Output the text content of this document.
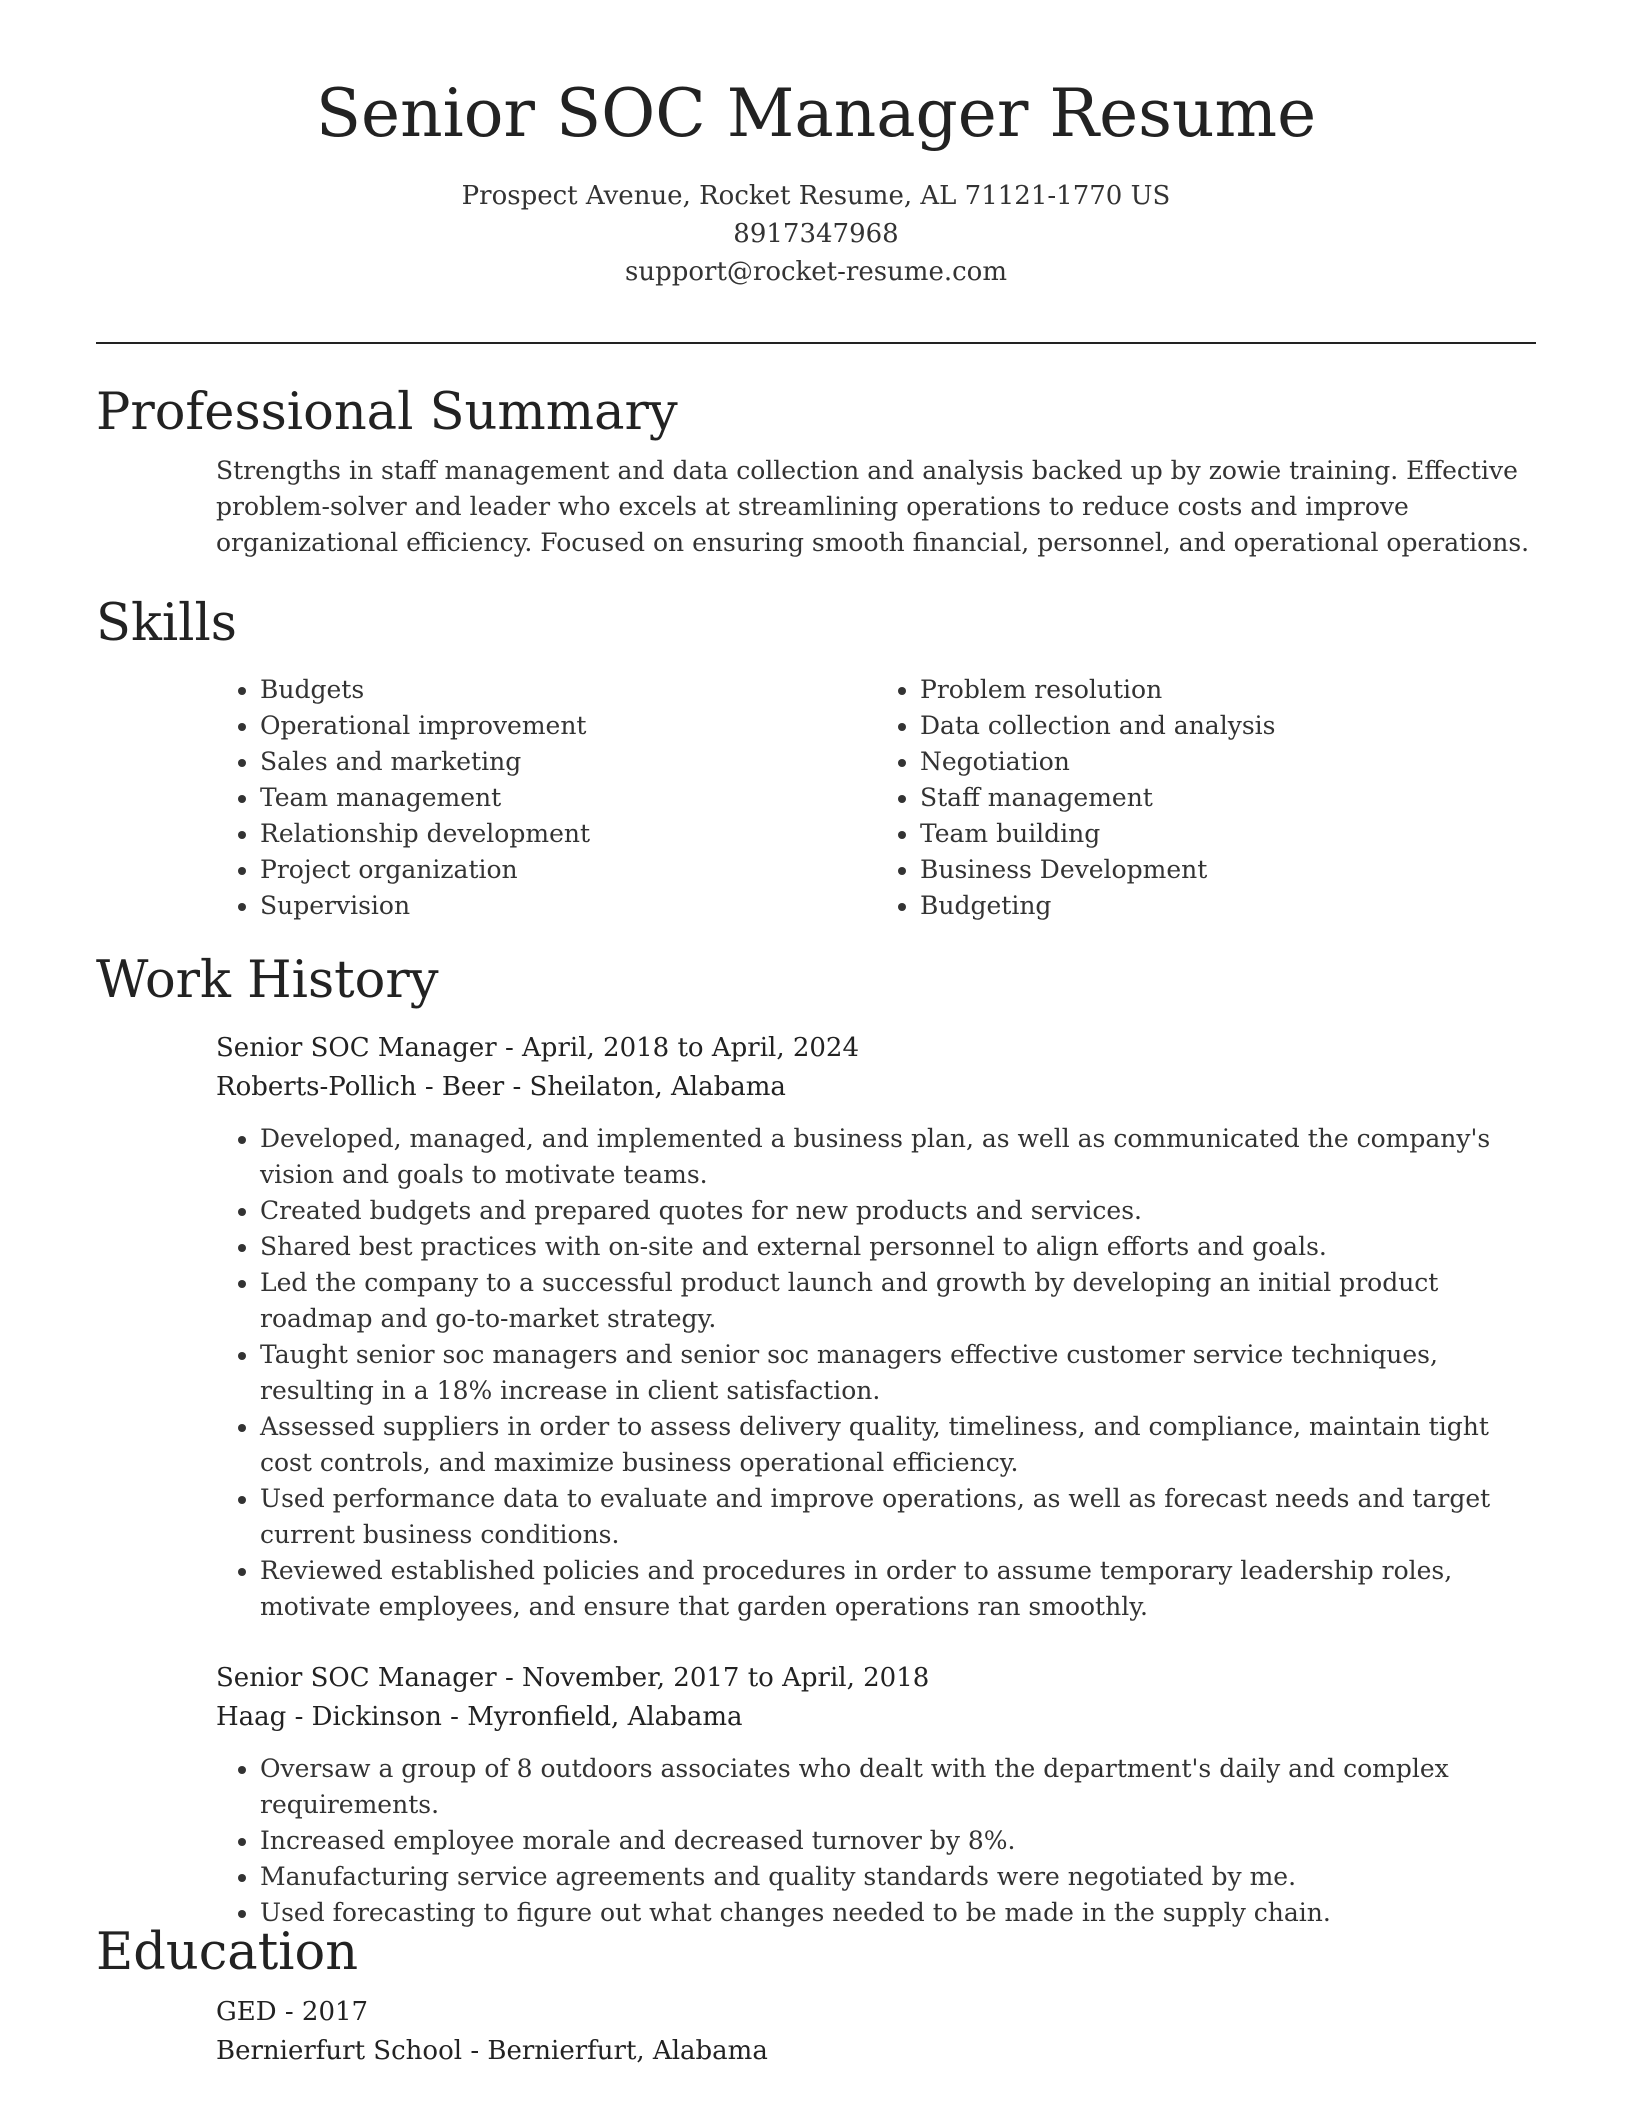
Senior SOC Manager Resume
Prospect Avenue, Rocket Resume, AL 71121-1770 US
8917347968
support@rocket-resume.com
Professional Summary

Strengths in staff management and data collection and analysis backed up by zowie training. Effective problem-solver and leader who excels at streamlining operations to reduce costs and improve organizational efficiency. Focused on ensuring smooth financial, personnel, and operational operations.

Skills
• Budgets
• Operational improvement
• Sales and marketing
• Team management
• Relationship development
• Project organization
• Supervision
• Problem resolution
• Data collection and analysis
• Negotiation
• Staff management
• Team building
• Business Development
• Budgeting
Work History

Senior SOC Manager - April, 2018 to April, 2024

Roberts-Pollich - Beer - Sheilaton, Alabama

• Developed, managed, and implemented a business plan, as well as communicated the company's vision and goals to motivate teams.
• Created budgets and prepared quotes for new products and services.
• Shared best practices with on-site and external personnel to align efforts and goals.
• Led the company to a successful product launch and growth by developing an initial product roadmap and go-to-market strategy.
• Taught senior soc managers and senior soc managers effective customer service techniques, resulting in a 18% increase in client satisfaction.
• Assessed suppliers in order to assess delivery quality, timeliness, and compliance, maintain tight cost controls, and maximize business operational efficiency.
• Used performance data to evaluate and improve operations, as well as forecast needs and target current business conditions.
• Reviewed established policies and procedures in order to assume temporary leadership roles, motivate employees, and ensure that garden operations ran smoothly.

Senior SOC Manager - November, 2017 to April, 2018

Haag - Dickinson - Myronfield, Alabama

• Oversaw a group of 8 outdoors associates who dealt with the department's daily and complex requirements.
• Increased employee morale and decreased turnover by 8%.
• Manufacturing service agreements and quality standards were negotiated by me.
• Used forecasting to figure out what changes needed to be made in the supply chain.
Education

GED - 2017

Bernierfurt School - Bernierfurt, Alabama
